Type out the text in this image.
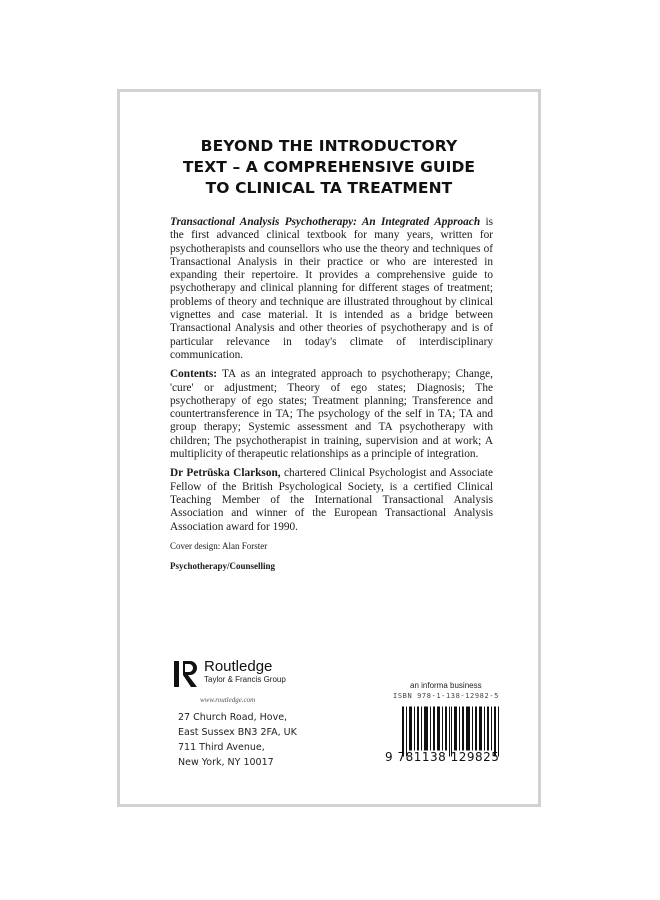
BEYOND THE INTRODUCTORY
TEXT – A COMPREHENSIVE GUIDE
TO CLINICAL TA TREATMENT

Transactional Analysis Psychotherapy: An Integrated Approach is the first advanced clinical textbook for many years, written for psychotherapists and counsellors who use the theory and techniques of Transactional Analysis in their practice or who are interested in expanding their repertoire. It provides a comprehensive guide to psychotherapy and clinical planning for different stages of treatment; problems of theory and technique are illustrated throughout by clinical vignettes and case material. It is intended as a bridge between Transactional Analysis and other theories of psychotherapy and is of particular relevance in today's climate of interdisciplinary communication.

Contents: TA as an integrated approach to psychotherapy; Change, 'cure' or adjustment; Theory of ego states; Diagnosis; The psychotherapy of ego states; Treatment planning; Transference and countertransference in TA; The psychology of the self in TA; TA and group therapy; Systemic assessment and TA psychotherapy with children; The psychotherapist in training, supervision and at work; A multiplicity of therapeutic relationships as a principle of integration.

Dr Petrūska Clarkson, chartered Clinical Psychologist and Associate Fellow of the British Psychological Society, is a certified Clinical Teaching Member of the International Transactional Analysis Association and winner of the European Transactional Analysis Association award for 1990.

Cover design: Alan Forster

Psychotherapy/Counselling

Routledge
Taylor & Francis Group
www.routledge.com
27 Church Road, Hove,
East Sussex BN3 2FA, UK
711 Third Avenue,
New York, NY 10017
an informa business
ISBN 978-1-138-12982-5
9 781138 129825
